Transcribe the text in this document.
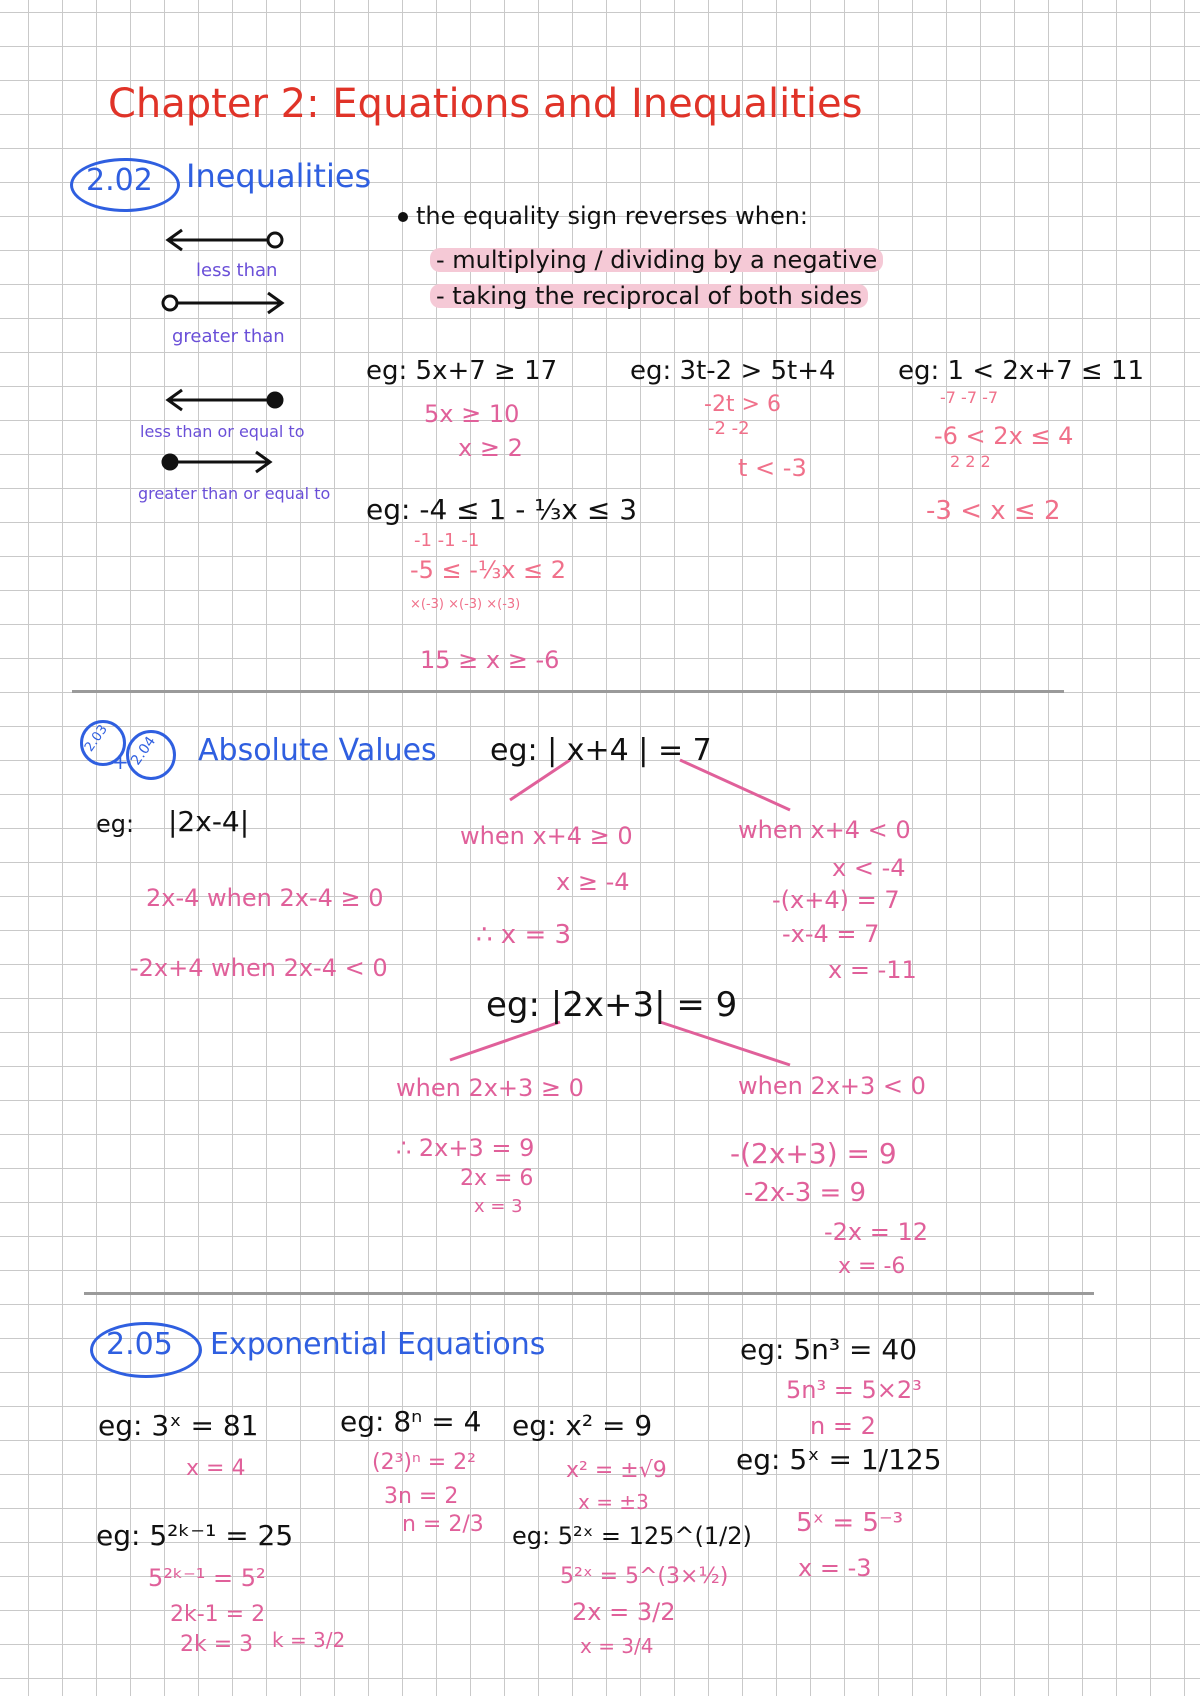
Chapter 2: Equations and Inequalities
2.02 Inequalities
less than
greater than
less than or equal to
greater than or equal to
the equality sign reverses when:
- multiplying / dividing by a negative
- taking the reciprocal of both sides
eg: 5x+7 ≥ 17
5x ≥ 10
x ≥ 2
eg: 3t-2 > 5t+4
-2t > 6
-2 -2
t < -3
eg: 1 < 2x+7 ≤ 11
-7 -7 -7
-6 < 2x ≤ 4
2 2 2
-3 < x ≤ 2
eg: -4 ≤ 1 - ⅓x ≤ 3
-1 -1 -1
-5 ≤ -⅓x ≤ 2
×(-3) ×(-3) ×(-3)
15 ≥ x ≥ -6
2.03
+ 2.04 Absolute Values
eg: |2x-4|
2x-4 when 2x-4 ≥ 0
-2x+4 when 2x-4 < 0
eg: | x+4 | = 7
when x+4 ≥ 0
x ≥ -4
∴ x = 3
when x+4 < 0
x < -4
-(x+4) = 7
-x-4 = 7
x = -11
eg: |2x+3| = 9
when 2x+3 ≥ 0
∴ 2x+3 = 9
2x = 6
x = 3
when 2x+3 < 0
-(2x+3) = 9
-2x-3 = 9
-2x = 12
x = -6
2.05 Exponential Equations
eg: 3ˣ = 81
x = 4
eg: 8ⁿ = 4
(2³)ⁿ = 2²
3n = 2
n = 2/3
eg: x² = 9
x² = ±√9
x = ±3
eg: 5n³ = 40
5n³ = 5×2³
n = 2
eg: 5ˣ = 1/125
5ˣ = 5⁻³
x = -3
eg: 5²ᵏ⁻¹ = 25
5²ᵏ⁻¹ = 5²
2k-1 = 2
2k = 3 k = 3/2
eg: 5²ˣ = 125^(1/2)
5²ˣ = 5^(3×½)
2x = 3/2
x = 3/4
